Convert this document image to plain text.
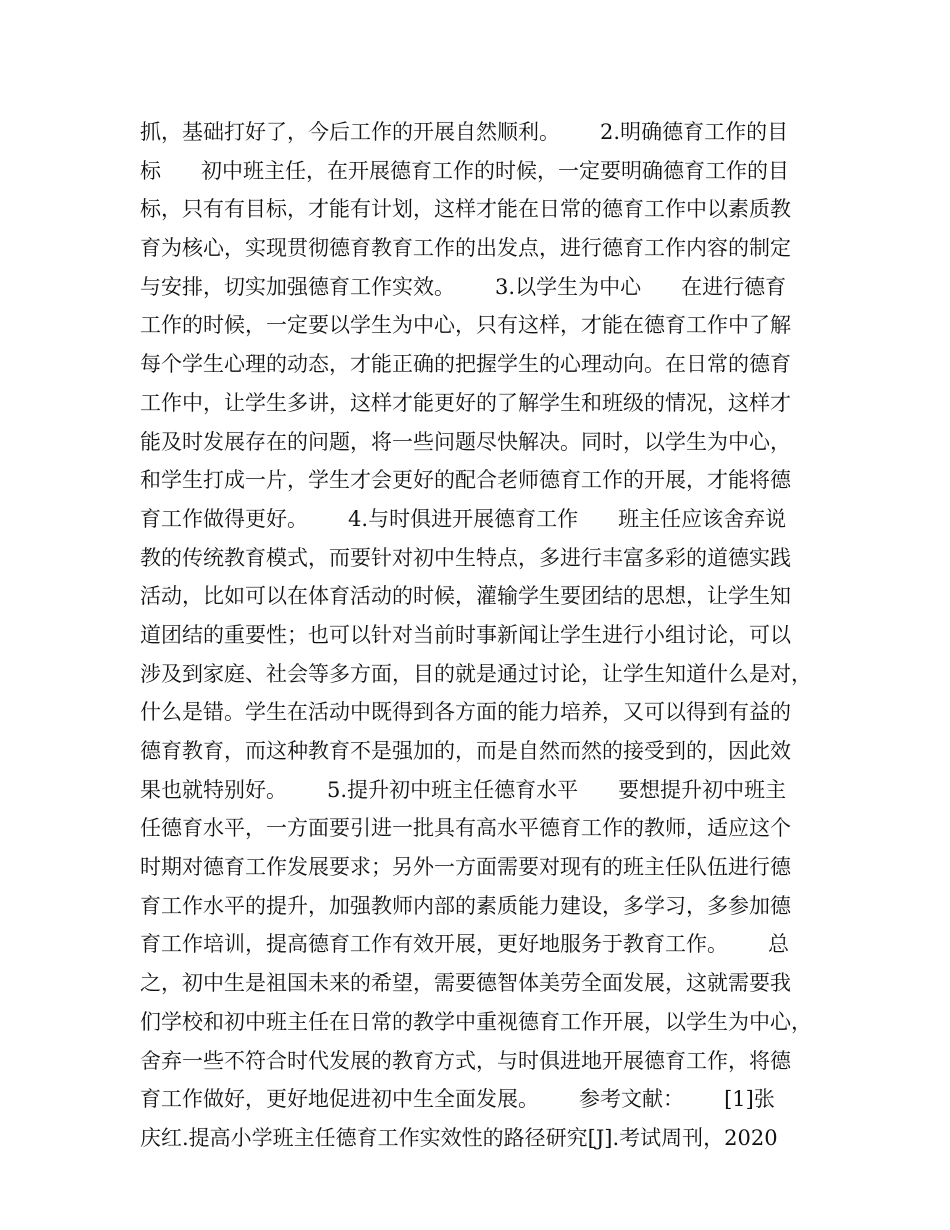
抓，基础打好了，今后工作的开展自然顺利。      2.明确德育工作的目
标      初中班主任，在开展德育工作的时候，一定要明确德育工作的目
标，只有有目标，才能有计划，这样才能在日常的德育工作中以素质教
育为核心，实现贯彻德育教育工作的出发点，进行德育工作内容的制定
与安排，切实加强德育工作实效。      3.以学生为中心      在进行德育
工作的时候，一定要以学生为中心，只有这样，才能在德育工作中了解
每个学生心理的动态，才能正确的把握学生的心理动向。在日常的德育
工作中，让学生多讲，这样才能更好的了解学生和班级的情况，这样才
能及时发展存在的问题，将一些问题尽快解决。同时，以学生为中心，
和学生打成一片，学生才会更好的配合老师德育工作的开展，才能将德
育工作做得更好。      4.与时俱进开展德育工作      班主任应该舍弃说
教的传统教育模式，而要针对初中生特点，多进行丰富多彩的道德实践
活动，比如可以在体育活动的时候，灌输学生要团结的思想，让学生知
道团结的重要性；也可以针对当前时事新闻让学生进行小组讨论，可以
涉及到家庭、社会等多方面，目的就是通过讨论，让学生知道什么是对，
什么是错。学生在活动中既得到各方面的能力培养，又可以得到有益的
德育教育，而这种教育不是强加的，而是自然而然的接受到的，因此效
果也就特别好。      5.提升初中班主任德育水平      要想提升初中班主
任德育水平，一方面要引进一批具有高水平德育工作的教师，适应这个
时期对德育工作发展要求；另外一方面需要对现有的班主任队伍进行德
育工作水平的提升，加强教师内部的素质能力建设，多学习，多参加德
育工作培训，提高德育工作有效开展，更好地服务于教育工作。      总
之，初中生是祖国未来的希望，需要德智体美劳全面发展，这就需要我
们学校和初中班主任在日常的教学中重视德育工作开展，以学生为中心，
舍弃一些不符合时代发展的教育方式，与时俱进地开展德育工作，将德
育工作做好，更好地促进初中生全面发展。      参考文献：      [1]张
庆红.提高小学班主任德育工作实效性的路径研究[J].考试周刊，2020
